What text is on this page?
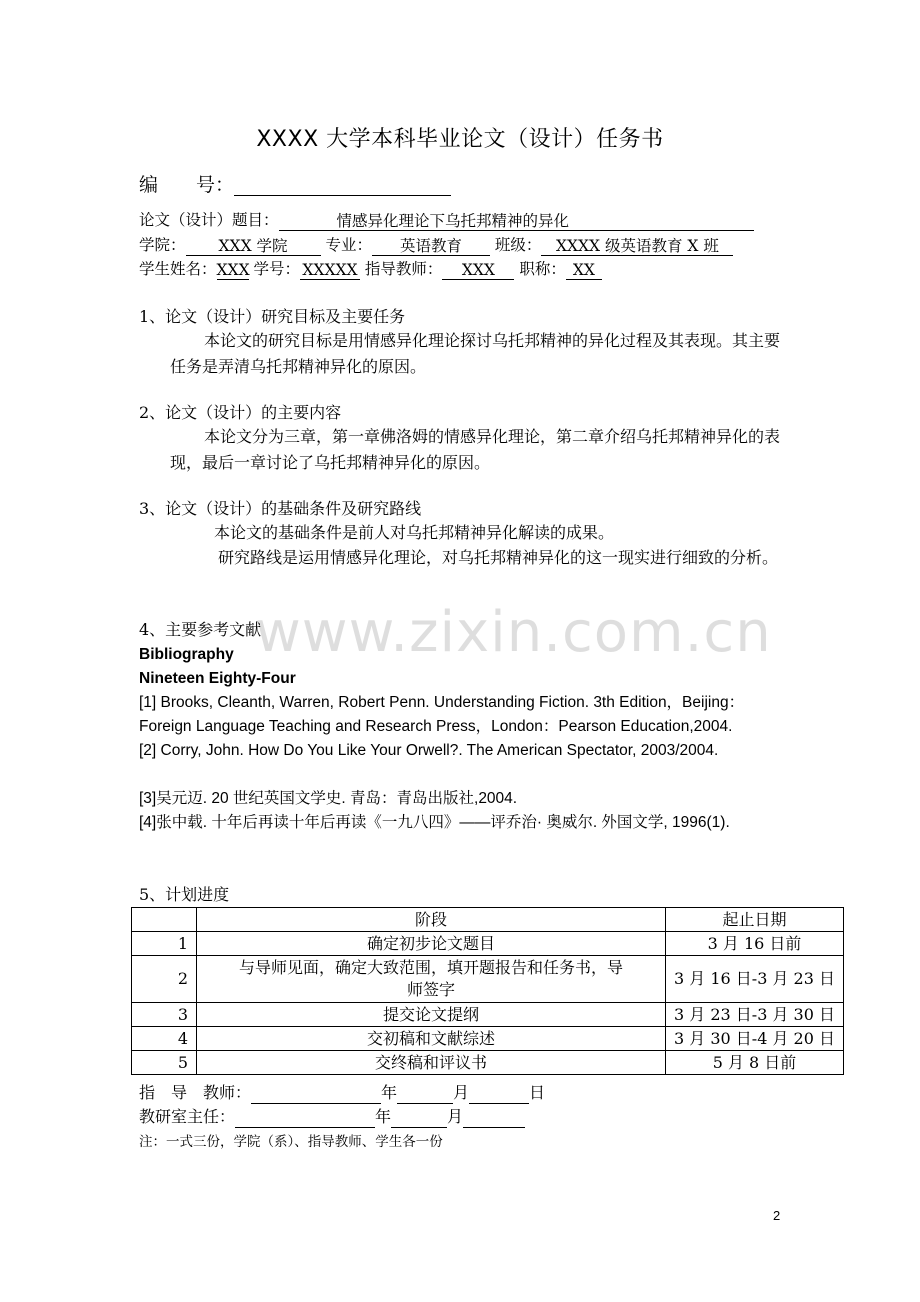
XXXX 大学本科毕业论文（设计）任务书
编　　号：
论文（设计）题目：	情感异化理论下乌托邦精神的异化
学院： XXX 学院 专业： 英语教育 班级： XXXX 级英语教育 X 班
学生姓名：XXX 学号： XXXXX 指导教师： XXX 职称： XX
1、论文（设计）研究目标及主要任务
本论文的研究目标是用情感异化理论探讨乌托邦精神的异化过程及其表现。其主要任务是弄清乌托邦精神异化的原因。
2、论文（设计）的主要内容
本论文分为三章，第一章佛洛姆的情感异化理论，第二章介绍乌托邦精神异化的表现，最后一章讨论了乌托邦精神异化的原因。
3、论文（设计）的基础条件及研究路线
本论文的基础条件是前人对乌托邦精神异化解读的成果。
研究路线是运用情感异化理论，对乌托邦精神异化的这一现实进行细致的分析。
www.zixin.com.cn
4、主要参考文献
Bibliography
Nineteen Eighty-Four
[1] Brooks, Cleanth, Warren, Robert Penn. Understanding Fiction. 3th Edition，Beijing：Foreign Language Teaching and Research Press，London：Pearson Education,2004.
[2] Corry, John. How Do You Like Your Orwell?. The American Spectator, 2003/2004.
[3]吴元迈. 20 世纪英国文学史. 青岛：青岛出版社,2004.
[4]张中载. 十年后再读十年后再读《一九八四》——评乔治· 奥威尔. 外国文学, 1996(1).
5、计划进度
	阶段	起止日期
1	确定初步论文题目	3 月 16 日前
2	与导师见面，确定大致范围，填开题报告和任务书，导师签字	3 月 16 日-3 月 23 日
3	提交论文提纲	3 月 23 日-3 月 30 日
4	交初稿和文献综述	3 月 30 日-4 月 20 日
5	交终稿和评议书	5 月 8 日前
指　导　教师：	年	月	日
教研室主任：	年	月
注：一式三份，学院（系）、指导教师、学生各一份
2
